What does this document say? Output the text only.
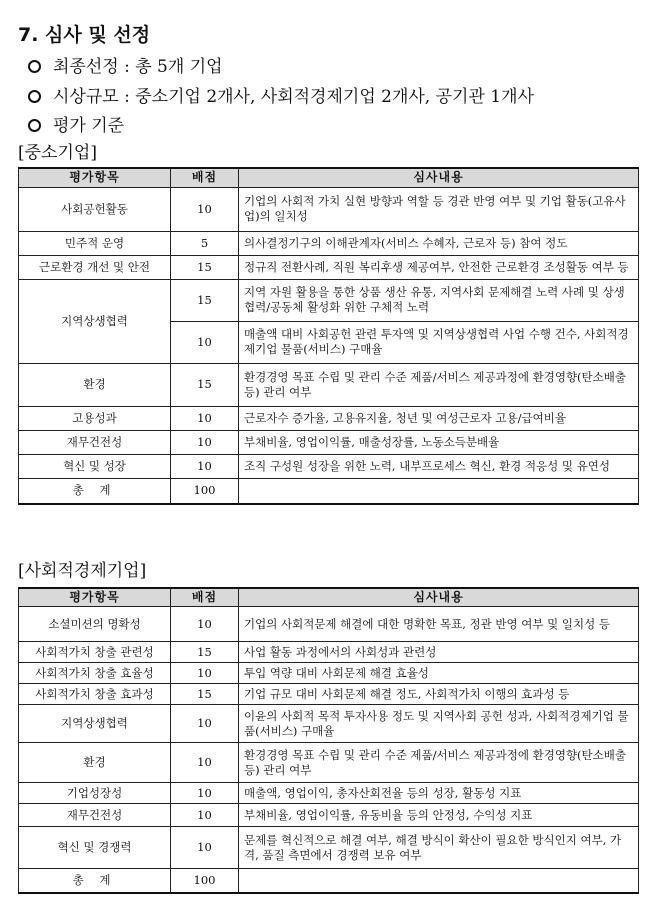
7. 심사 및 선정
최종선정 : 총 5개 기업
시상규모 : 중소기업 2개사, 사회적경제기업 2개사, 공기관 1개사
평가 기준
[중소기업]
평가항목	배점	심사내용
사회공헌활동	10	기업의 사회적 가치 실현 방향과 역할 등 경관 반영 여부 및 기업 활동(고유사업)의 일치성
민주적 운영	5	의사결정기구의 이해관계자(서비스 수혜자, 근로자 등) 참여 정도
근로환경 개선 및 안전	15	정규직 전환사례, 직원 복리후생 제공여부, 안전한 근로환경 조성활동 여부 등
지역상생협력	15	지역 자원 활용을 통한 상품 생산 유통, 지역사회 문제해결 노력 사례 및 상생협력/공동체 활성화 위한 구체적 노력
	10	매출액 대비 사회공헌 관련 투자액 및 지역상생협력 사업 수행 건수, 사회적경제기업 물품(서비스) 구매율
환경	15	환경경영 목표 수립 및 관리 수준 제품/서비스 제공과정에 환경영향(탄소배출 등) 관리 여부
고용성과	10	근로자수 증가율, 고용유지율, 청년 및 여성근로자 고용/급여비율
재무건전성	10	부채비율, 영업이익률, 매출성장률, 노동소득분배율
혁신 및 성장	10	조직 구성원 성장을 위한 노력, 내부프로세스 혁신, 환경 적응성 및 유연성
총 계	100	
[사회적경제기업]
평가항목	배점	심사내용
소셜미션의 명확성	10	기업의 사회적문제 해결에 대한 명확한 목표, 정관 반영 여부 및 일치성 등
사회적가치 창출 관련성	15	사업 활동 과정에서의 사회성과 관련성
사회적가치 창출 효율성	10	투입 역량 대비 사회문제 해결 효율성
사회적가치 창출 효과성	15	기업 규모 대비 사회문제 해결 정도, 사회적가치 이행의 효과성 등
지역상생협력	10	이윤의 사회적 목적 투자사용 정도 및 지역사회 공헌 성과, 사회적경제기업 물품(서비스) 구매율
환경	10	환경경영 목표 수립 및 관리 수준 제품/서비스 제공과정에 환경영향(탄소배출 등) 관리 여부
기업성장성	10	매출액, 영업이익, 총자산회전율 등의 성장, 활동성 지표
재무건전성	10	부채비율, 영업이익률, 유동비율 등의 안정성, 수익성 지표
혁신 및 경쟁력	10	문제를 혁신적으로 해결 여부, 해결 방식이 확산이 필요한 방식인지 여부, 가격, 품질 측면에서 경쟁력 보유 여부
총 계	100	
